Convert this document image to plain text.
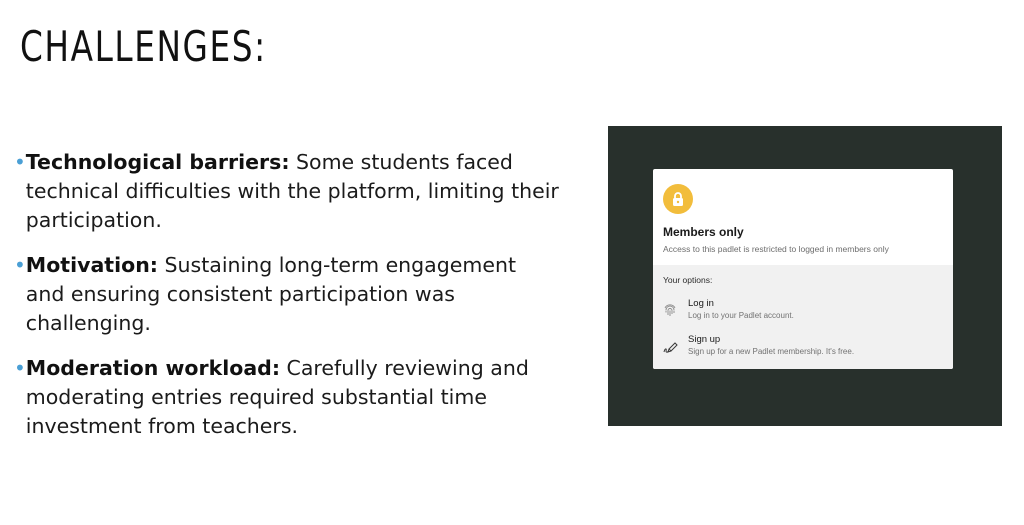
CHALLENGES:
• Technological barriers: Some students faced technical difficulties with the platform, limiting their participation.
• Motivation: Sustaining long-term engagement and ensuring consistent participation was challenging.
• Moderation workload: Carefully reviewing and moderating entries required substantial time investment from teachers.
Members only
Access to this padlet is restricted to logged in members only
Your options:
Log in
Log in to your Padlet account.
Sign up
Sign up for a new Padlet membership. It's free.
